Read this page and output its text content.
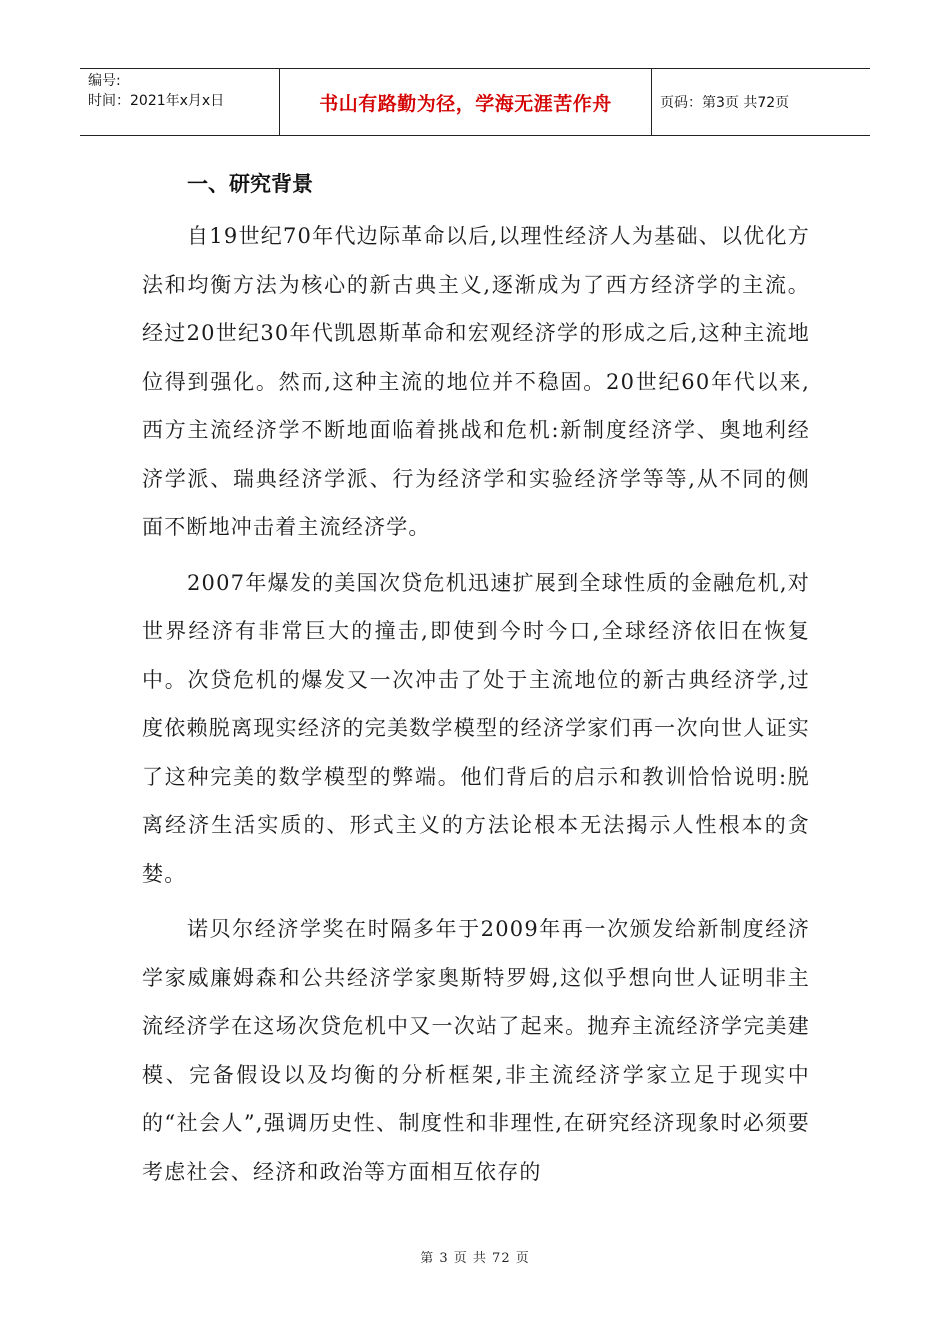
编号:
时间：2021年x月x日	书山有路勤为径，学海无涯苦作舟	页码：第3页 共72页
一、研究背景

自19世纪70年代边际革命以后,以理性经济人为基础、以优化方法和均衡方法为核心的新古典主义,逐渐成为了西方经济学的主流。经过20世纪30年代凯恩斯革命和宏观经济学的形成之后,这种主流地位得到强化。然而,这种主流的地位并不稳固。20世纪60年代以来,西方主流经济学不断地面临着挑战和危机:新制度经济学、奥地利经济学派、瑞典经济学派、行为经济学和实验经济学等等,从不同的侧面不断地冲击着主流经济学。

2007年爆发的美国次贷危机迅速扩展到全球性质的金融危机,对世界经济有非常巨大的撞击,即使到今时今口,全球经济依旧在恢复中。次贷危机的爆发又一次冲击了处于主流地位的新古典经济学,过度依赖脱离现实经济的完美数学模型的经济学家们再一次向世人证实了这种完美的数学模型的弊端。他们背后的启示和教训恰恰说明:脱离经济生活实质的、形式主义的方法论根本无法揭示人性根本的贪婪。

诺贝尔经济学奖在时隔多年于2009年再一次颁发给新制度经济学家威廉姆森和公共经济学家奥斯特罗姆,这似乎想向世人证明非主流经济学在这场次贷危机中又一次站了起来。抛弃主流经济学完美建模、完备假设以及均衡的分析框架,非主流经济学家立足于现实中的“社会人”,强调历史性、制度性和非理性,在研究经济现象时必须要考虑社会、经济和政治等方面相互依存的

第 3 页 共 72 页
